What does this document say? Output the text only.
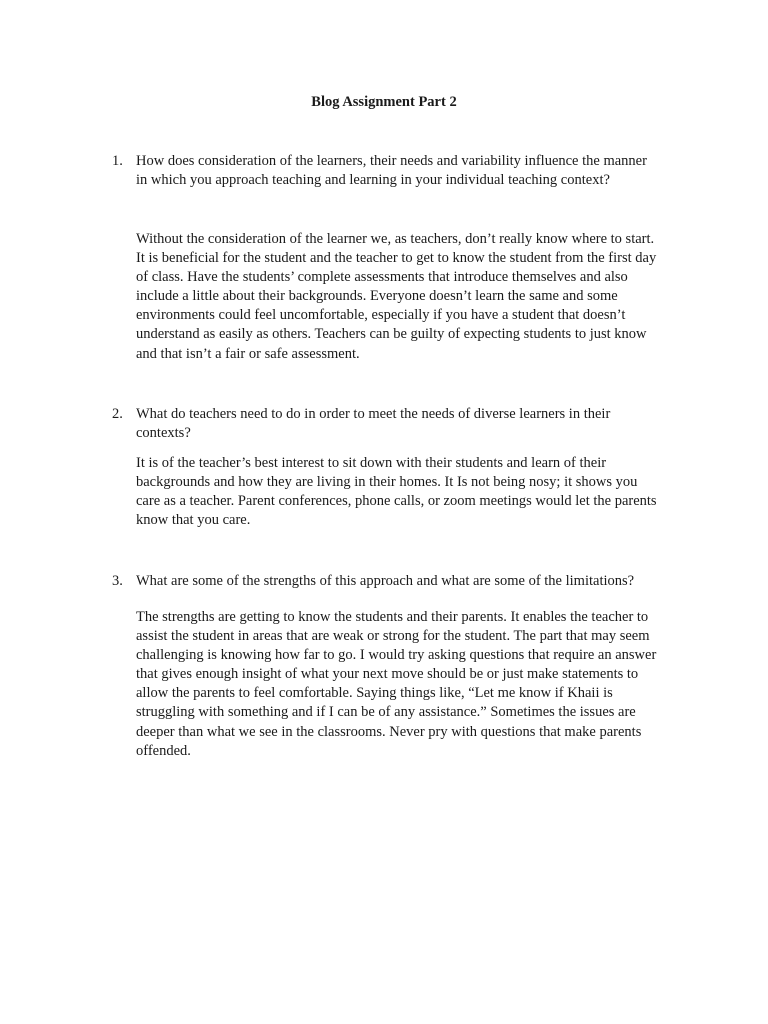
Blog Assignment Part 2
1. How does consideration of the learners, their needs and variability influence the manner
in which you approach teaching and learning in your individual teaching context?
Without the consideration of the learner we, as teachers, don’t really know where to start.
It is beneficial for the student and the teacher to get to know the student from the first day
of class. Have the students’ complete assessments that introduce themselves and also
include a little about their backgrounds. Everyone doesn’t learn the same and some
environments could feel uncomfortable, especially if you have a student that doesn’t
understand as easily as others. Teachers can be guilty of expecting students to just know
and that isn’t a fair or safe assessment.
2. What do teachers need to do in order to meet the needs of diverse learners in their
contexts?
It is of the teacher’s best interest to sit down with their students and learn of their
backgrounds and how they are living in their homes. It Is not being nosy; it shows you
care as a teacher. Parent conferences, phone calls, or zoom meetings would let the parents
know that you care.
3. What are some of the strengths of this approach and what are some of the limitations?
The strengths are getting to know the students and their parents. It enables the teacher to
assist the student in areas that are weak or strong for the student. The part that may seem
challenging is knowing how far to go. I would try asking questions that require an answer
that gives enough insight of what your next move should be or just make statements to
allow the parents to feel comfortable. Saying things like, “Let me know if Khaii is
struggling with something and if I can be of any assistance.” Sometimes the issues are
deeper than what we see in the classrooms. Never pry with questions that make parents
offended.
